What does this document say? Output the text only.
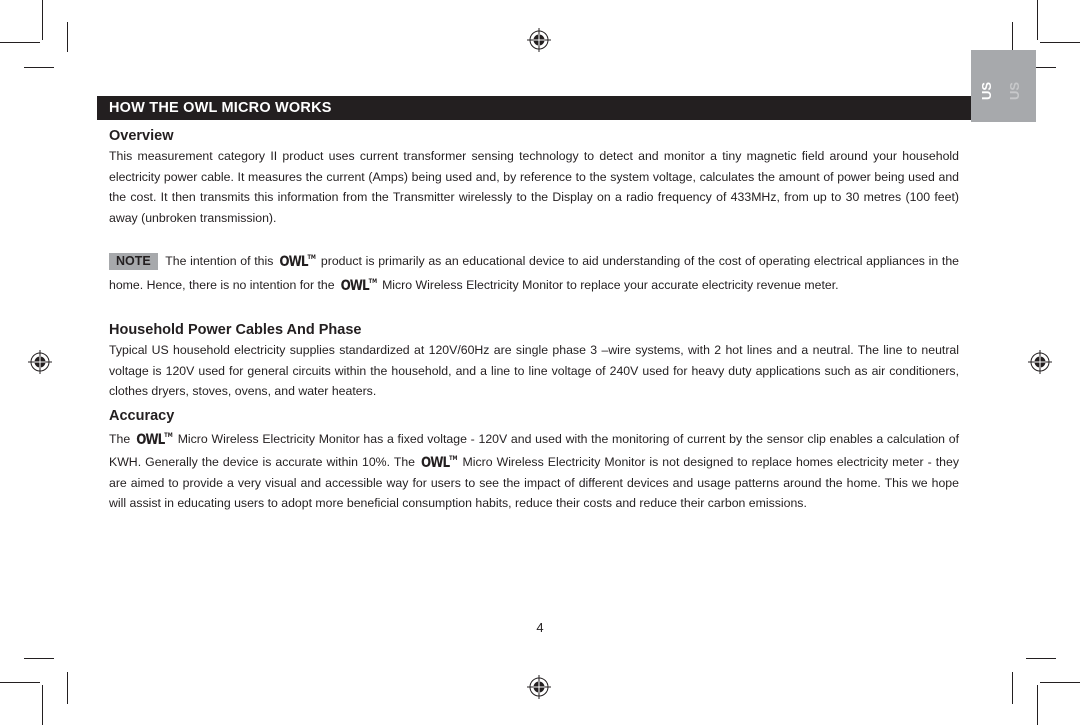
US	US
HOW THE OWL MICRO WORKS
Overview

This measurement category II product uses current transformer sensing technology to detect and monitor a tiny magnetic field around your household electricity power cable. It measures the current (Amps) being used and, by reference to the system voltage, calculates the amount of power being used and the cost. It then transmits this information from the Transmitter wirelessly to the Display on a radio frequency of 433MHz, from up to 30 metres (100 feet) away (unbroken transmission).

NOTE The intention of this OWL™ product is primarily as an educational device to aid understanding of the cost of operating electrical appliances in the home. Hence, there is no intention for the OWL™ Micro Wireless Electricity Monitor to replace your accurate electricity revenue meter.

Household Power Cables And Phase

Typical US household electricity supplies standardized at 120V/60Hz are single phase 3 –wire systems, with 2 hot lines and a neutral. The line to neutral voltage is 120V used for general circuits within the household, and a line to line voltage of 240V used for heavy duty applications such as air conditioners, clothes dryers, stoves, ovens, and water heaters.

Accuracy

The OWL™ Micro Wireless Electricity Monitor has a fixed voltage - 120V and used with the monitoring of current by the sensor clip enables a calculation of KWH. Generally the device is accurate within 10%. The OWL™ Micro Wireless Electricity Monitor is not designed to replace homes electricity meter - they are aimed to provide a very visual and accessible way for users to see the impact of different devices and usage patterns around the home. This we hope will assist in educating users to adopt more beneficial consumption habits, reduce their costs and reduce their carbon emissions.

4
